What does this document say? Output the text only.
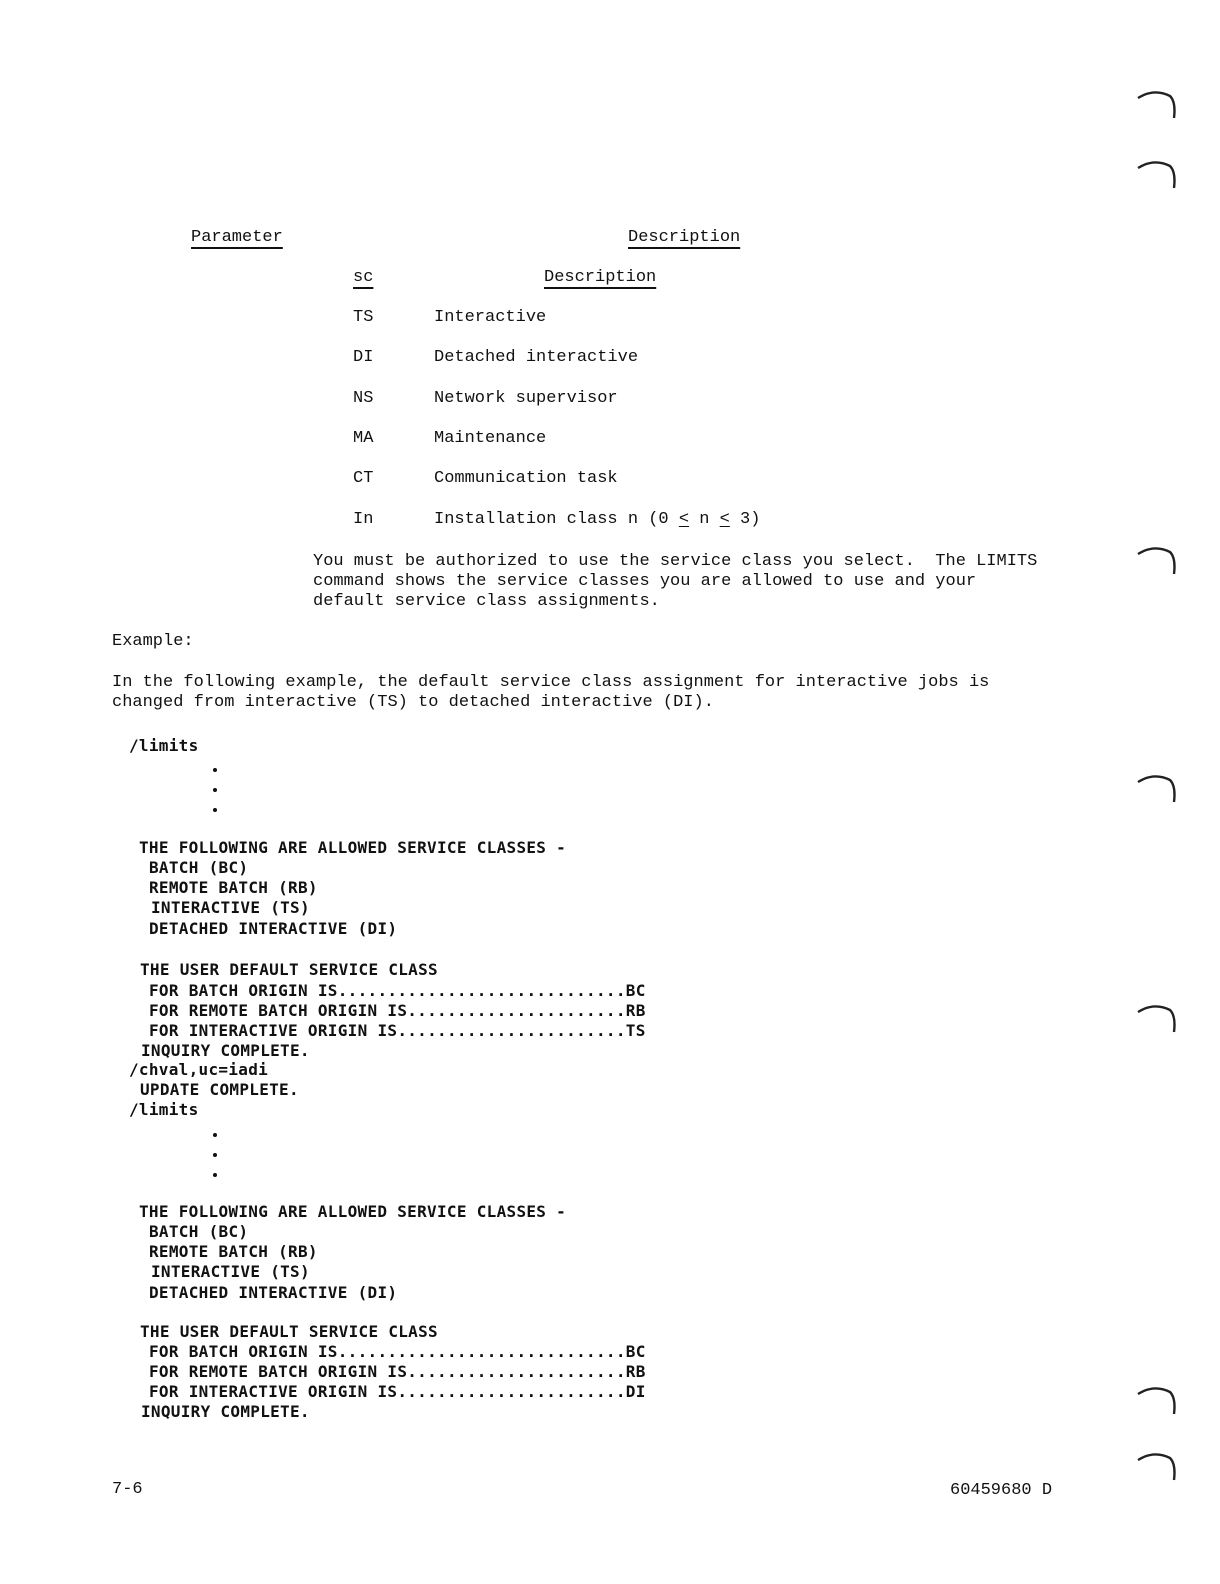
Parameter	Description
sc	Description
TS	Interactive
DI	Detached interactive
NS	Network supervisor
MA	Maintenance
CT	Communication task
In	Installation class n (0 ≤ n ≤ 3)
You must be authorized to use the service class you select.  The LIMITS
command shows the service classes you are allowed to use and your
default service class assignments.
Example:
In the following example, the default service class assignment for interactive jobs is
changed from interactive (TS) to detached interactive (DI).
/limits
THE FOLLOWING ARE ALLOWED SERVICE CLASSES -
BATCH (BC)
REMOTE BATCH (RB)
INTERACTIVE (TS)
DETACHED INTERACTIVE (DI)
THE USER DEFAULT SERVICE CLASS
FOR BATCH ORIGIN IS.............................BC
FOR REMOTE BATCH ORIGIN IS......................RB
FOR INTERACTIVE ORIGIN IS.......................TS
INQUIRY COMPLETE.
/chval,uc=iadi
UPDATE COMPLETE.
/limits
THE FOLLOWING ARE ALLOWED SERVICE CLASSES -
BATCH (BC)
REMOTE BATCH (RB)
INTERACTIVE (TS)
DETACHED INTERACTIVE (DI)
THE USER DEFAULT SERVICE CLASS
FOR BATCH ORIGIN IS.............................BC
FOR REMOTE BATCH ORIGIN IS......................RB
FOR INTERACTIVE ORIGIN IS.......................DI
INQUIRY COMPLETE.
7-6	60459680 D
